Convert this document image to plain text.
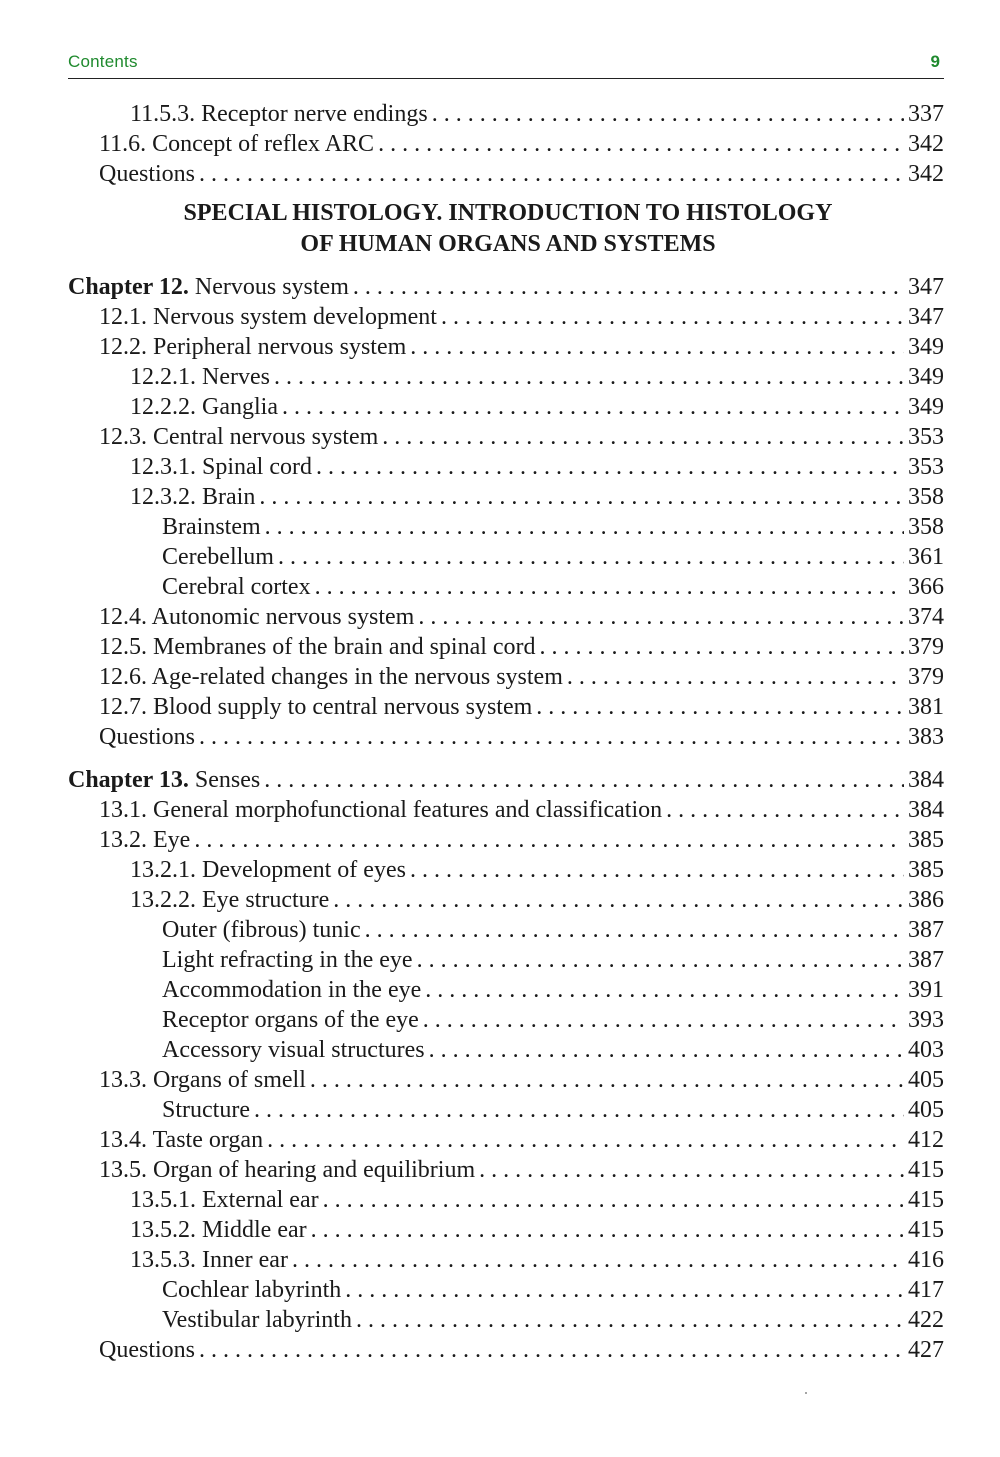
Contents	9
11.5.3. Receptor nerve endings . . .	337
11.6. Concept of reflex ARC . . .	342
Questions . . .	342
SPECIAL HISTOLOGY. INTRODUCTION TO HISTOLOGY
OF HUMAN ORGANS AND SYSTEMS
Chapter 12. Nervous system . . .	347
12.1. Nervous system development . . .	347
12.2. Peripheral nervous system . . .	349
12.2.1. Nerves . . .	349
12.2.2. Ganglia . . .	349
12.3. Central nervous system . . .	353
12.3.1. Spinal cord . . .	353
12.3.2. Brain . . .	358
Brainstem . . .	358
Cerebellum . . .	361
Cerebral cortex . . .	366
12.4. Autonomic nervous system . . .	374
12.5. Membranes of the brain and spinal cord . . .	379
12.6. Age-related changes in the nervous system . . .	379
12.7. Blood supply to central nervous system . . .	381
Questions . . .	383
Chapter 13. Senses . . .	384
13.1. General morphofunctional features and classification . . .	384
13.2. Eye . . .	385
13.2.1. Development of eyes . . .	385
13.2.2. Eye structure . . .	386
Outer (fibrous) tunic . . .	387
Light refracting in the eye . . .	387
Accommodation in the eye . . .	391
Receptor organs of the eye . . .	393
Accessory visual structures . . .	403
13.3. Organs of smell . . .	405
Structure . . .	405
13.4. Taste organ . . .	412
13.5. Organ of hearing and equilibrium . . .	415
13.5.1. External ear . . .	415
13.5.2. Middle ear . . .	415
13.5.3. Inner ear . . .	416
Cochlear labyrinth . . .	417
Vestibular labyrinth . . .	422
Questions . . .	427
